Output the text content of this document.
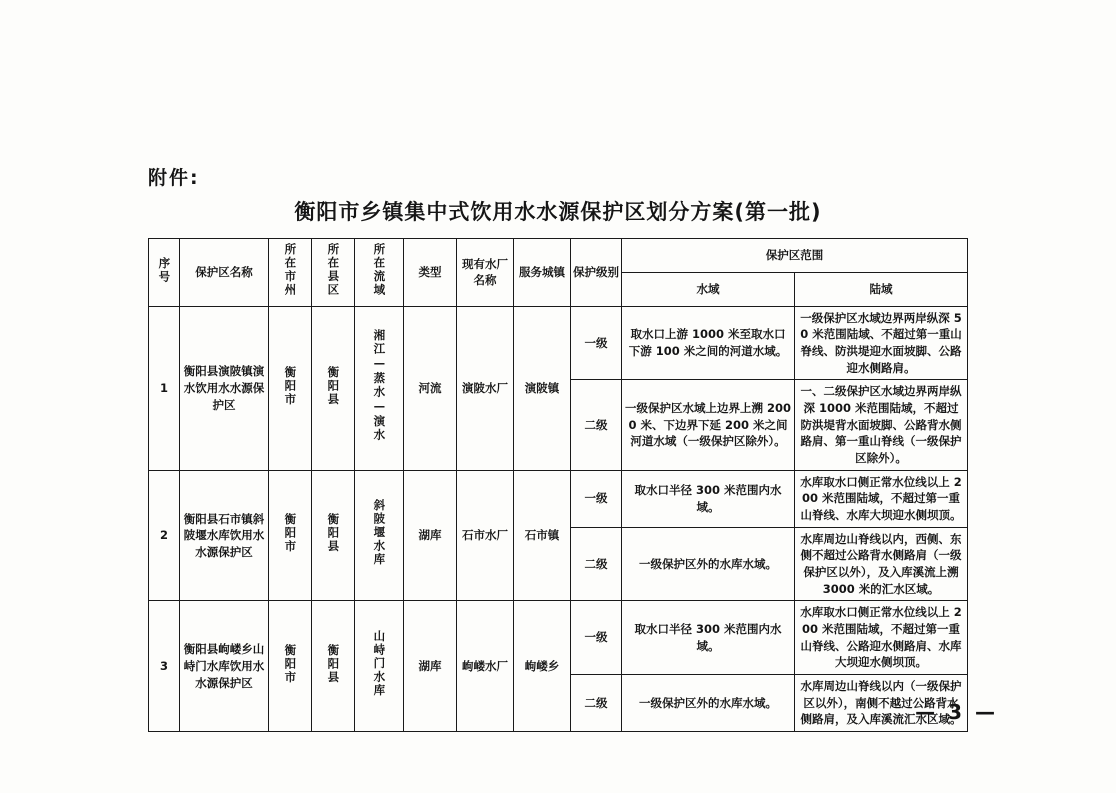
附件:
衡阳市乡镇集中式饮用水水源保护区划分方案(第一批)
序号	保护区名称	所在市州	所在县区	所在流域	类型	现有水厂名称	服务城镇	保护级别	保护区范围	
									水域	陆域
1	衡阳县演陂镇演水饮用水水源保护区	衡阳市	衡阳县	湘江—蒸水—演水	河流	演陂水厂	演陂镇	一级	取水口上游 1000 米至取水口下游 100 米之间的河道水域。	一级保护区水域边界两岸纵深 50 米范围陆域、不超过第一重山脊线、防洪堤迎水面坡脚、公路迎水侧路肩。
								二级	一级保护区水域上边界上溯 2000 米、下边界下延 200 米之间河道水域（一级保护区除外）。	一、二级保护区水域边界两岸纵深 1000 米范围陆域，不超过防洪堤背水面坡脚、公路背水侧路肩、第一重山脊线（一级保护区除外）。
2	衡阳县石市镇斜陂堰水库饮用水水源保护区	衡阳市	衡阳县	斜陂堰水库	湖库	石市水厂	石市镇	一级	取水口半径 300 米范围内水域。	水库取水口侧正常水位线以上 200 米范围陆域，不超过第一重山脊线、水库大坝迎水侧坝顶。
								二级	一级保护区外的水库水域。	水库周边山脊线以内，西侧、东侧不超过公路背水侧路肩（一级保护区以外），及入库溪流上溯 3000 米的汇水区域。
3	衡阳县岣嵝乡山峙门水库饮用水水源保护区	衡阳市	衡阳县	山峙门水库	湖库	岣嵝水厂	岣嵝乡	一级	取水口半径 300 米范围内水域。	水库取水口侧正常水位线以上 200 米范围陆域，不超过第一重山脊线、公路迎水侧路肩、水库大坝迎水侧坝顶。
								二级	一级保护区外的水库水域。	水库周边山脊线以内（一级保护区以外），南侧不越过公路背水侧路肩，及入库溪流汇水区域。
— 3 —
